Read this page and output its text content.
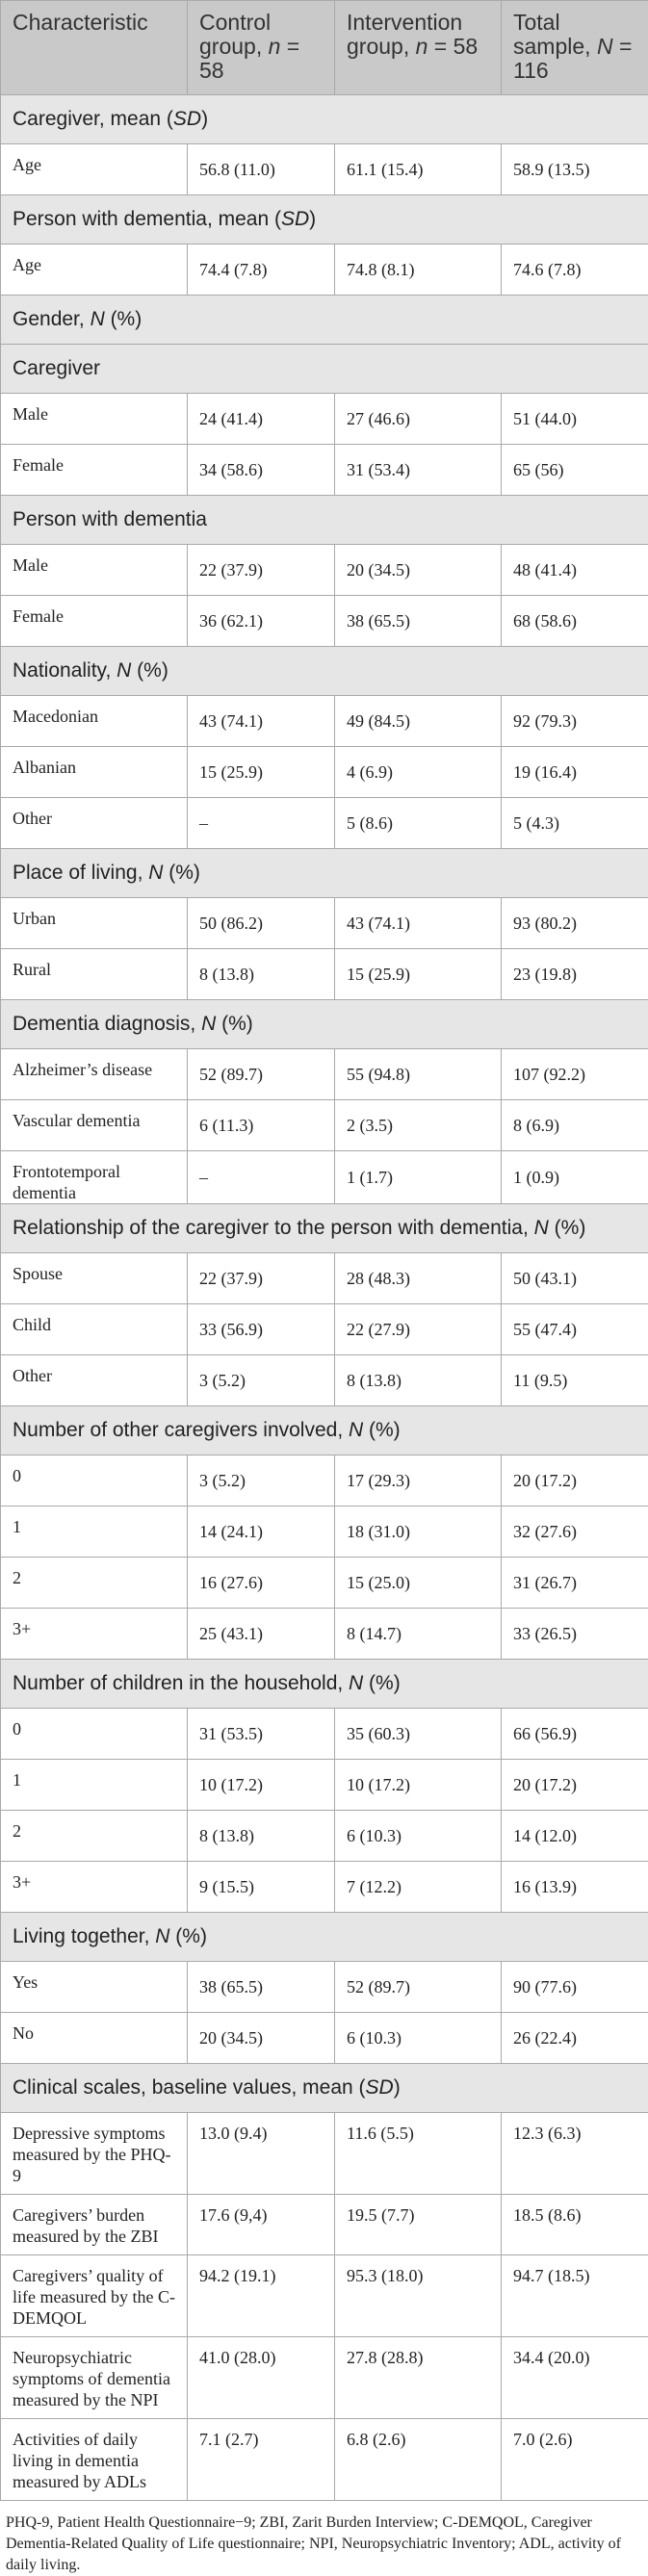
Characteristic	Control group, n = 58	Intervention group, n = 58	Total sample, N = 116
Caregiver, mean (SD)			
Age	56.8 (11.0)	61.1 (15.4)	58.9 (13.5)
Person with dementia, mean (SD)			
Age	74.4 (7.8)	74.8 (8.1)	74.6 (7.8)
Gender, N (%)			
Caregiver			
Male	24 (41.4)	27 (46.6)	51 (44.0)
Female	34 (58.6)	31 (53.4)	65 (56)
Person with dementia			
Male	22 (37.9)	20 (34.5)	48 (41.4)
Female	36 (62.1)	38 (65.5)	68 (58.6)
Nationality, N (%)			
Macedonian	43 (74.1)	49 (84.5)	92 (79.3)
Albanian	15 (25.9)	4 (6.9)	19 (16.4)
Other	–	5 (8.6)	5 (4.3)
Place of living, N (%)			
Urban	50 (86.2)	43 (74.1)	93 (80.2)
Rural	8 (13.8)	15 (25.9)	23 (19.8)
Dementia diagnosis, N (%)			
Alzheimer’s disease	52 (89.7)	55 (94.8)	107 (92.2)
Vascular dementia	6 (11.3)	2 (3.5)	8 (6.9)
Frontotemporal dementia	–	1 (1.7)	1 (0.9)
Relationship of the caregiver to the person with dementia, N (%)			
Spouse	22 (37.9)	28 (48.3)	50 (43.1)
Child	33 (56.9)	22 (27.9)	55 (47.4)
Other	3 (5.2)	8 (13.8)	11 (9.5)
Number of other caregivers involved, N (%)			
0	3 (5.2)	17 (29.3)	20 (17.2)
1	14 (24.1)	18 (31.0)	32 (27.6)
2	16 (27.6)	15 (25.0)	31 (26.7)
3+	25 (43.1)	8 (14.7)	33 (26.5)
Number of children in the household, N (%)			
0	31 (53.5)	35 (60.3)	66 (56.9)
1	10 (17.2)	10 (17.2)	20 (17.2)
2	8 (13.8)	6 (10.3)	14 (12.0)
3+	9 (15.5)	7 (12.2)	16 (13.9)
Living together, N (%)			
Yes	38 (65.5)	52 (89.7)	90 (77.6)
No	20 (34.5)	6 (10.3)	26 (22.4)
Clinical scales, baseline values, mean (SD)			
Depressive symptoms measured by the PHQ-9	13.0 (9.4)	11.6 (5.5)	12.3 (6.3)
Caregivers’ burden measured by the ZBI	17.6 (9,4)	19.5 (7.7)	18.5 (8.6)
Caregivers’ quality of life measured by the C-DEMQOL	94.2 (19.1)	95.3 (18.0)	94.7 (18.5)
Neuropsychiatric symptoms of dementia measured by the NPI	41.0 (28.0)	27.8 (28.8)	34.4 (20.0)
Activities of daily living in dementia measured by ADLs	7.1 (2.7)	6.8 (2.6)	7.0 (2.6)
PHQ-9, Patient Health Questionnaire−9; ZBI, Zarit Burden Interview; C-DEMQOL, Caregiver Dementia-Related Quality of Life questionnaire; NPI, Neuropsychiatric Inventory; ADL, activity of daily living.
